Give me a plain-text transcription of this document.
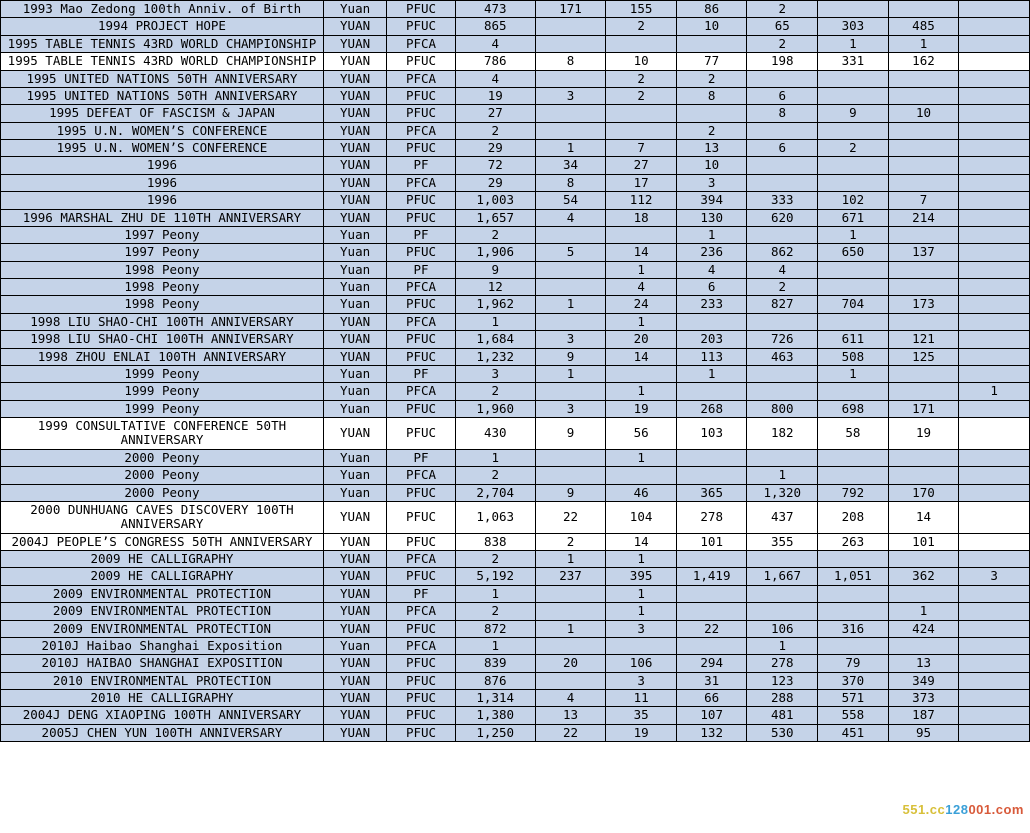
1993 Mao Zedong 100th Anniv. of Birth	Yuan	PFUC	473	171	155	86	2			
1994 PROJECT HOPE	YUAN	PFUC	865		2	10	65	303	485	
1995 TABLE TENNIS 43RD WORLD CHAMPIONSHIP	YUAN	PFCA	4				2	1	1	
1995 TABLE TENNIS 43RD WORLD CHAMPIONSHIP	YUAN	PFUC	786	8	10	77	198	331	162	
1995 UNITED NATIONS 50TH ANNIVERSARY	YUAN	PFCA	4		2	2				
1995 UNITED NATIONS 50TH ANNIVERSARY	YUAN	PFUC	19	3	2	8	6			
1995 DEFEAT OF FASCISM & JAPAN	YUAN	PFUC	27				8	9	10	
1995 U.N. WOMEN’S CONFERENCE	YUAN	PFCA	2			2				
1995 U.N. WOMEN’S CONFERENCE	YUAN	PFUC	29	1	7	13	6	2		
1996	YUAN	PF	72	34	27	10				
1996	YUAN	PFCA	29	8	17	3				
1996	YUAN	PFUC	1,003	54	112	394	333	102	7	
1996 MARSHAL ZHU DE 110TH ANNIVERSARY	YUAN	PFUC	1,657	4	18	130	620	671	214	
1997 Peony	Yuan	PF	2			1		1		
1997 Peony	Yuan	PFUC	1,906	5	14	236	862	650	137	
1998 Peony	Yuan	PF	9		1	4	4			
1998 Peony	Yuan	PFCA	12		4	6	2			
1998 Peony	Yuan	PFUC	1,962	1	24	233	827	704	173	
1998 LIU SHAO-CHI 100TH ANNIVERSARY	YUAN	PFCA	1		1					
1998 LIU SHAO-CHI 100TH ANNIVERSARY	YUAN	PFUC	1,684	3	20	203	726	611	121	
1998 ZHOU ENLAI 100TH ANNIVERSARY	YUAN	PFUC	1,232	9	14	113	463	508	125	
1999 Peony	Yuan	PF	3	1		1		1		
1999 Peony	Yuan	PFCA	2		1					1
1999 Peony	Yuan	PFUC	1,960	3	19	268	800	698	171	
1999 CONSULTATIVE CONFERENCE 50TH ANNIVERSARY	YUAN	PFUC	430	9	56	103	182	58	19	
2000 Peony	Yuan	PF	1		1					
2000 Peony	Yuan	PFCA	2				1			
2000 Peony	Yuan	PFUC	2,704	9	46	365	1,320	792	170	
2000 DUNHUANG CAVES DISCOVERY 100TH ANNIVERSARY	YUAN	PFUC	1,063	22	104	278	437	208	14	
2004J PEOPLE’S CONGRESS 50TH ANNIVERSARY	YUAN	PFUC	838	2	14	101	355	263	101	
2009 HE CALLIGRAPHY	YUAN	PFCA	2	1	1					
2009 HE CALLIGRAPHY	YUAN	PFUC	5,192	237	395	1,419	1,667	1,051	362	3
2009 ENVIRONMENTAL PROTECTION	YUAN	PF	1		1					
2009 ENVIRONMENTAL PROTECTION	YUAN	PFCA	2		1				1	
2009 ENVIRONMENTAL PROTECTION	YUAN	PFUC	872	1	3	22	106	316	424	
2010J Haibao Shanghai Exposition	Yuan	PFCA	1				1			
2010J HAIBAO SHANGHAI EXPOSITION	YUAN	PFUC	839	20	106	294	278	79	13	
2010 ENVIRONMENTAL PROTECTION	YUAN	PFUC	876		3	31	123	370	349	
2010 HE CALLIGRAPHY	YUAN	PFUC	1,314	4	11	66	288	571	373	
2004J DENG XIAOPING 100TH ANNIVERSARY	YUAN	PFUC	1,380	13	35	107	481	558	187	
2005J CHEN YUN 100TH ANNIVERSARY	YUAN	PFUC	1,250	22	19	132	530	451	95	
551.cc128001.com
